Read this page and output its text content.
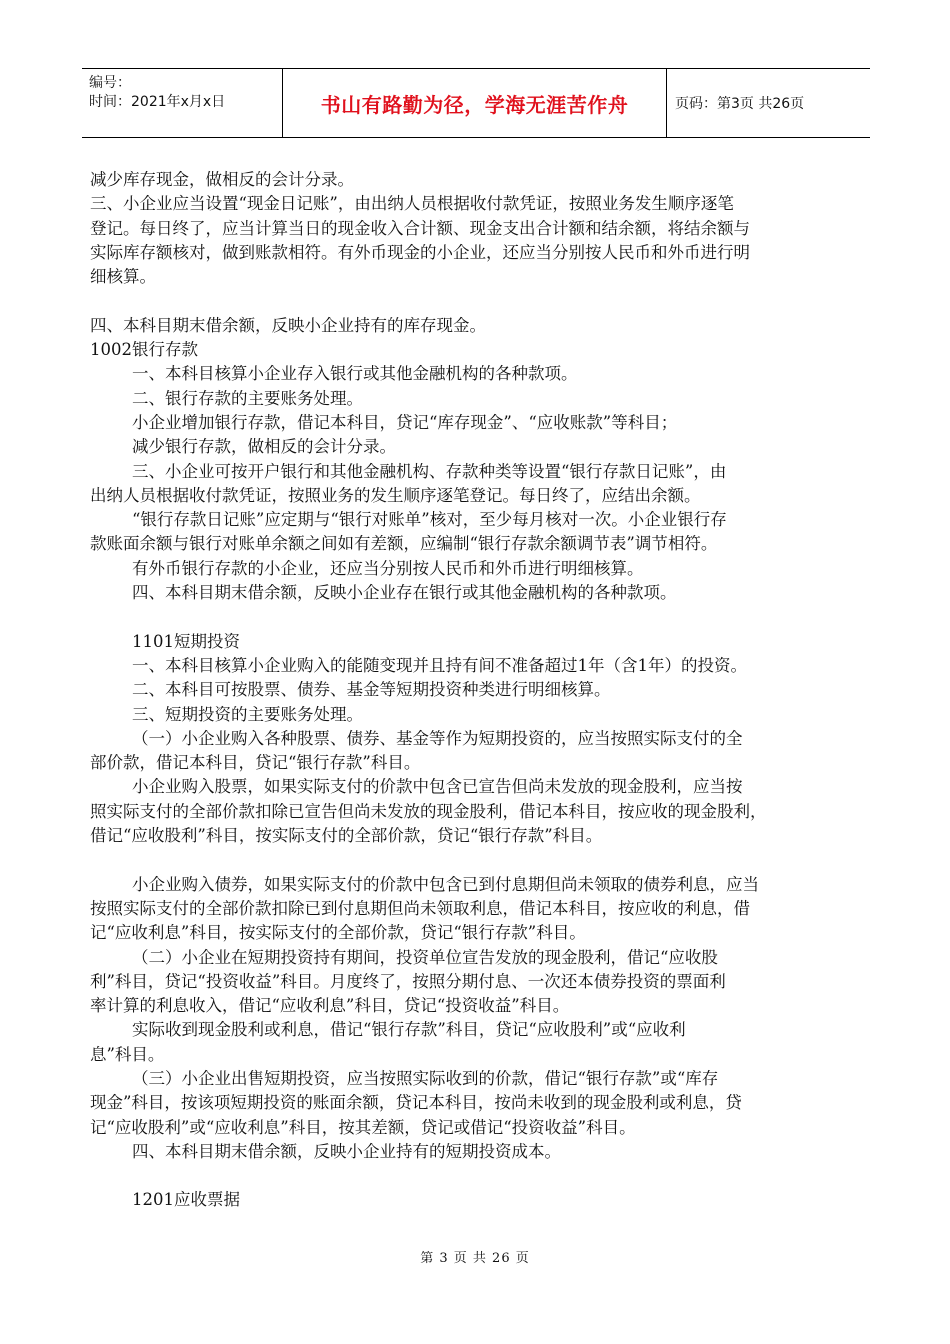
编号：
时间：2021年x月x日	书山有路勤为径，学海无涯苦作舟	页码：第3页 共26页
减少库存现金，做相反的会计分录。
三、小企业应当设置“现金日记账”，由出纳人员根据收付款凭证，按照业务发生顺序逐笔
登记。每日终了，应当计算当日的现金收入合计额、现金支出合计额和结余额，将结余额与
实际库存额核对，做到账款相符。有外币现金的小企业，还应当分别按人民币和外币进行明
细核算。
四、本科目期末借余额，反映小企业持有的库存现金。
1002银行存款
一、本科目核算小企业存入银行或其他金融机构的各种款项。
二、银行存款的主要账务处理。
小企业增加银行存款，借记本科目，贷记“库存现金”、“应收账款”等科目；
减少银行存款，做相反的会计分录。
三、小企业可按开户银行和其他金融机构、存款种类等设置“银行存款日记账”，由
出纳人员根据收付款凭证，按照业务的发生顺序逐笔登记。每日终了，应结出余额。
“银行存款日记账”应定期与“银行对账单”核对，至少每月核对一次。小企业银行存
款账面余额与银行对账单余额之间如有差额，应编制“银行存款余额调节表”调节相符。
有外币银行存款的小企业，还应当分别按人民币和外币进行明细核算。
四、本科目期末借余额，反映小企业存在银行或其他金融机构的各种款项。
1101短期投资
一、本科目核算小企业购入的能随变现并且持有间不准备超过1年（含1年）的投资。
二、本科目可按股票、债券、基金等短期投资种类进行明细核算。
三、短期投资的主要账务处理。
（一）小企业购入各种股票、债券、基金等作为短期投资的，应当按照实际支付的全
部价款，借记本科目，贷记“银行存款”科目。
小企业购入股票，如果实际支付的价款中包含已宣告但尚未发放的现金股利，应当按
照实际支付的全部价款扣除已宣告但尚未发放的现金股利，借记本科目，按应收的现金股利，
借记“应收股利”科目，按实际支付的全部价款，贷记“银行存款”科目。
小企业购入债券，如果实际支付的价款中包含已到付息期但尚未领取的债券利息，应当
按照实际支付的全部价款扣除已到付息期但尚未领取利息，借记本科目，按应收的利息，借
记“应收利息”科目，按实际支付的全部价款，贷记“银行存款”科目。
（二）小企业在短期投资持有期间，投资单位宣告发放的现金股利，借记“应收股
利”科目，贷记“投资收益”科目。月度终了，按照分期付息、一次还本债券投资的票面利
率计算的利息收入，借记“应收利息”科目，贷记“投资收益”科目。
实际收到现金股利或利息，借记“银行存款”科目，贷记“应收股利”或“应收利
息”科目。
（三）小企业出售短期投资，应当按照实际收到的价款，借记“银行存款”或“库存
现金”科目，按该项短期投资的账面余额，贷记本科目，按尚未收到的现金股利或利息，贷
记“应收股利”或“应收利息”科目，按其差额，贷记或借记“投资收益”科目。
四、本科目期末借余额，反映小企业持有的短期投资成本。
1201应收票据
第 3 页 共 26 页
